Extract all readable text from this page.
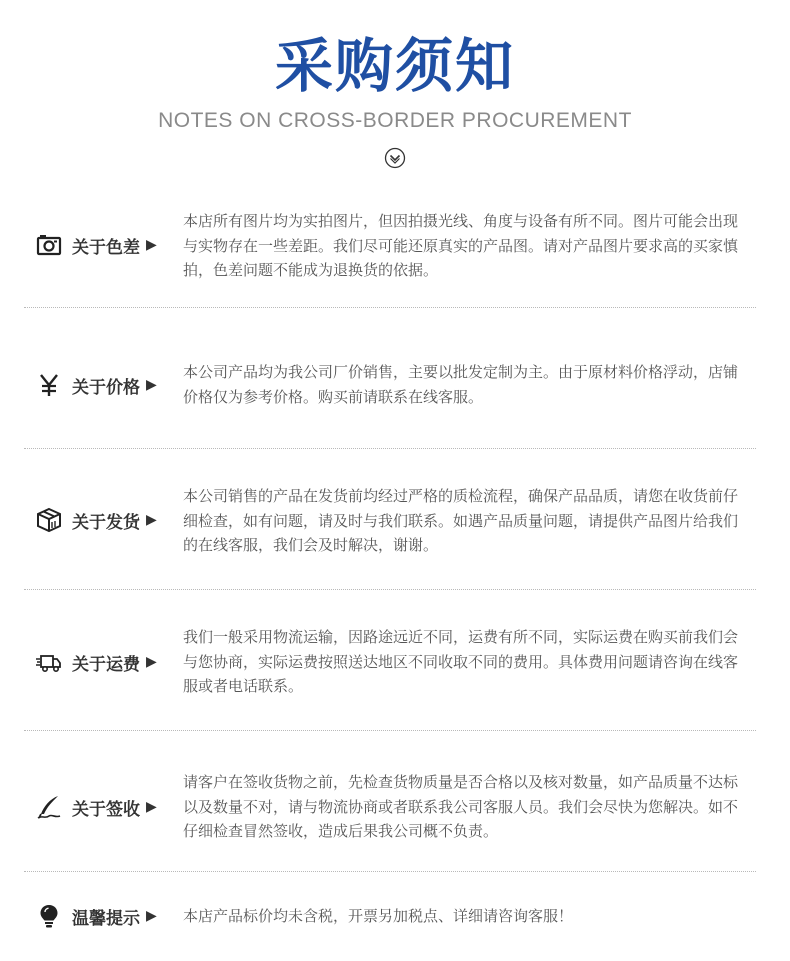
采购须知
NOTES ON CROSS-BORDER PROCUREMENT
关于色差 ▶
本店所有图片均为实拍图片，但因拍摄光线、角度与设备有所不同。图片可能会出现与实物存在一些差距。我们尽可能还原真实的产品图。请对产品图片要求高的买家慎拍，色差问题不能成为退换货的依据。
关于价格 ▶
本公司产品均为我公司厂价销售，主要以批发定制为主。由于原材料价格浮动，店铺价格仅为参考价格。购买前请联系在线客服。
关于发货 ▶
本公司销售的产品在发货前均经过严格的质检流程，确保产品品质，请您在收货前仔细检查，如有问题，请及时与我们联系。如遇产品质量问题，请提供产品图片给我们的在线客服，我们会及时解决，谢谢。
关于运费 ▶
我们一般采用物流运输，因路途远近不同，运费有所不同，实际运费在购买前我们会与您协商，实际运费按照送达地区不同收取不同的费用。具体费用问题请咨询在线客服或者电话联系。
关于签收 ▶
请客户在签收货物之前，先检查货物质量是否合格以及核对数量，如产品质量不达标以及数量不对，请与物流协商或者联系我公司客服人员。我们会尽快为您解决。如不仔细检查冒然签收，造成后果我公司概不负责。
温馨提示 ▶ 本店产品标价均未含税，开票另加税点、详细请咨询客服！
